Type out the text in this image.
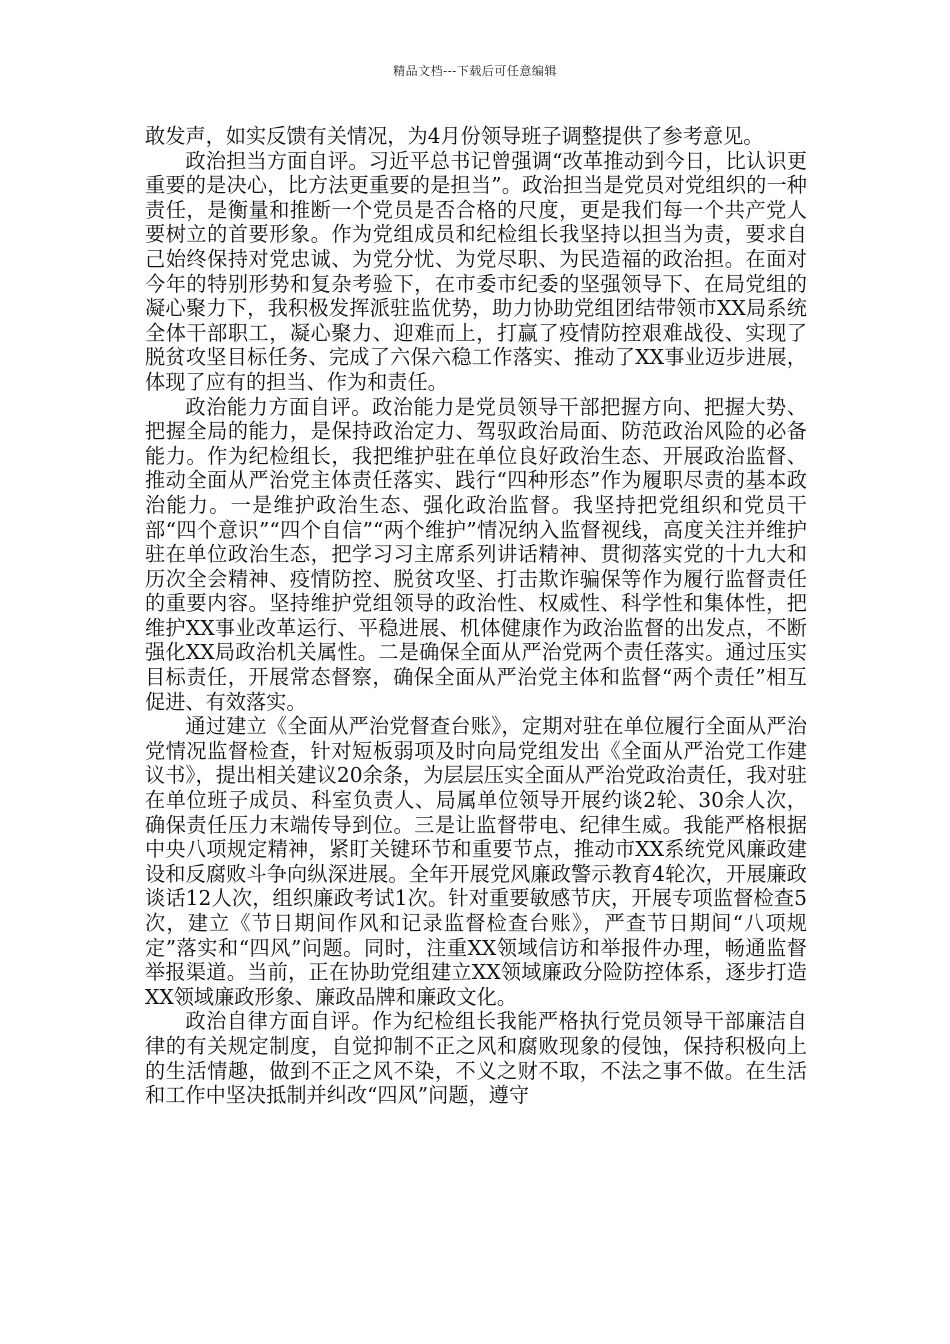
精品文档---下载后可任意编辑

敢发声，如实反馈有关情况，为4月份领导班子调整提供了参考意见。

政治担当方面自评。习近平总书记曾强调“改革推动到今日，比认识更重要的是决心，比方法更重要的是担当”。政治担当是党员对党组织的一种责任，是衡量和推断一个党员是否合格的尺度，更是我们每一个共产党人要树立的首要形象。作为党组成员和纪检组长我坚持以担当为责，要求自己始终保持对党忠诚、为党分忧、为党尽职、为民造福的政治担。在面对今年的特别形势和复杂考验下，在市委市纪委的坚强领导下、在局党组的凝心聚力下，我积极发挥派驻监优势，助力协助党组团结带领市XX局系统全体干部职工，凝心聚力、迎难而上，打赢了疫情防控艰难战役、实现了脱贫攻坚目标任务、完成了六保六稳工作落实、推动了XX事业迈步进展，体现了应有的担当、作为和责任。

政治能力方面自评。政治能力是党员领导干部把握方向、把握大势、把握全局的能力，是保持政治定力、驾驭政治局面、防范政治风险的必备能力。作为纪检组长，我把维护驻在单位良好政治生态、开展政治监督、推动全面从严治党主体责任落实、践行“四种形态”作为履职尽责的基本政治能力。一是维护政治生态、强化政治监督。我坚持把党组织和党员干部“四个意识”“四个自信”“两个维护”情况纳入监督视线，高度关注并维护驻在单位政治生态，把学习习主席系列讲话精神、贯彻落实党的十九大和历次全会精神、疫情防控、脱贫攻坚、打击欺诈骗保等作为履行监督责任的重要内容。坚持维护党组领导的政治性、权威性、科学性和集体性，把维护XX事业改革运行、平稳进展、机体健康作为政治监督的出发点，不断强化XX局政治机关属性。二是确保全面从严治党两个责任落实。通过压实目标责任，开展常态督察，确保全面从严治党主体和监督“两个责任”相互促进、有效落实。

通过建立《全面从严治党督查台账》，定期对驻在单位履行全面从严治党情况监督检查，针对短板弱项及时向局党组发出《全面从严治党工作建议书》，提出相关建议20余条，为层层压实全面从严治党政治责任，我对驻在单位班子成员、科室负责人、局属单位领导开展约谈2轮、30余人次，确保责任压力末端传导到位。三是让监督带电、纪律生威。我能严格根据中央八项规定精神，紧盯关键环节和重要节点，推动市XX系统党风廉政建设和反腐败斗争向纵深进展。全年开展党风廉政警示教育4轮次，开展廉政谈话12人次，组织廉政考试1次。针对重要敏感节庆，开展专项监督检查5次，建立《节日期间作风和记录监督检查台账》，严查节日期间“八项规定”落实和“四风”问题。同时，注重XX领域信访和举报件办理，畅通监督举报渠道。当前，正在协助党组建立XX领域廉政分险防控体系，逐步打造XX领域廉政形象、廉政品牌和廉政文化。

政治自律方面自评。作为纪检组长我能严格执行党员领导干部廉洁自律的有关规定制度，自觉抑制不正之风和腐败现象的侵蚀，保持积极向上的生活情趣，做到不正之风不染，不义之财不取，不法之事不做。在生活和工作中坚决抵制并纠改“四风”问题，遵守
